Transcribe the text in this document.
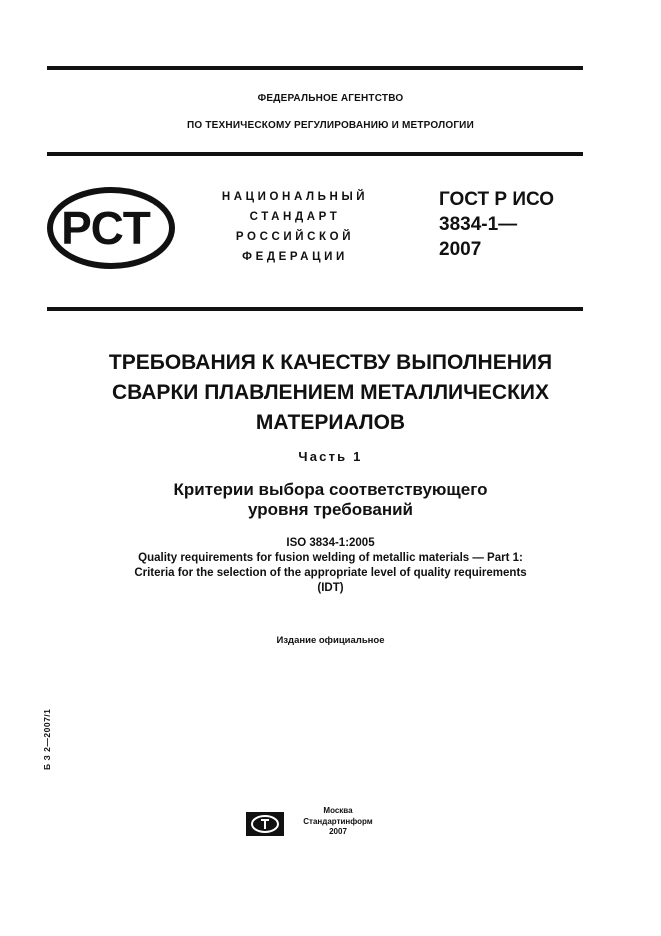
ФЕДЕРАЛЬНОЕ АГЕНТСТВО
ПО ТЕХНИЧЕСКОМУ РЕГУЛИРОВАНИЮ И МЕТРОЛОГИИ
РСТ
НАЦИОНАЛЬНЫЙ
СТАНДАРТ
РОССИЙСКОЙ
ФЕДЕРАЦИИ
ГОСТ Р ИСО
3834-1—
2007
ТРЕБОВАНИЯ К КАЧЕСТВУ ВЫПОЛНЕНИЯ
СВАРКИ ПЛАВЛЕНИЕМ МЕТАЛЛИЧЕСКИХ
МАТЕРИАЛОВ
Часть 1
Критерии выбора соответствующего
уровня требований
ISO 3834-1:2005
Quality requirements for fusion welding of metallic materials — Part 1:
Criteria for the selection of the appropriate level of quality requirements
(IDT)
Издание официальное
Б З 2—2007/1
Москва
Стандартинформ
2007
